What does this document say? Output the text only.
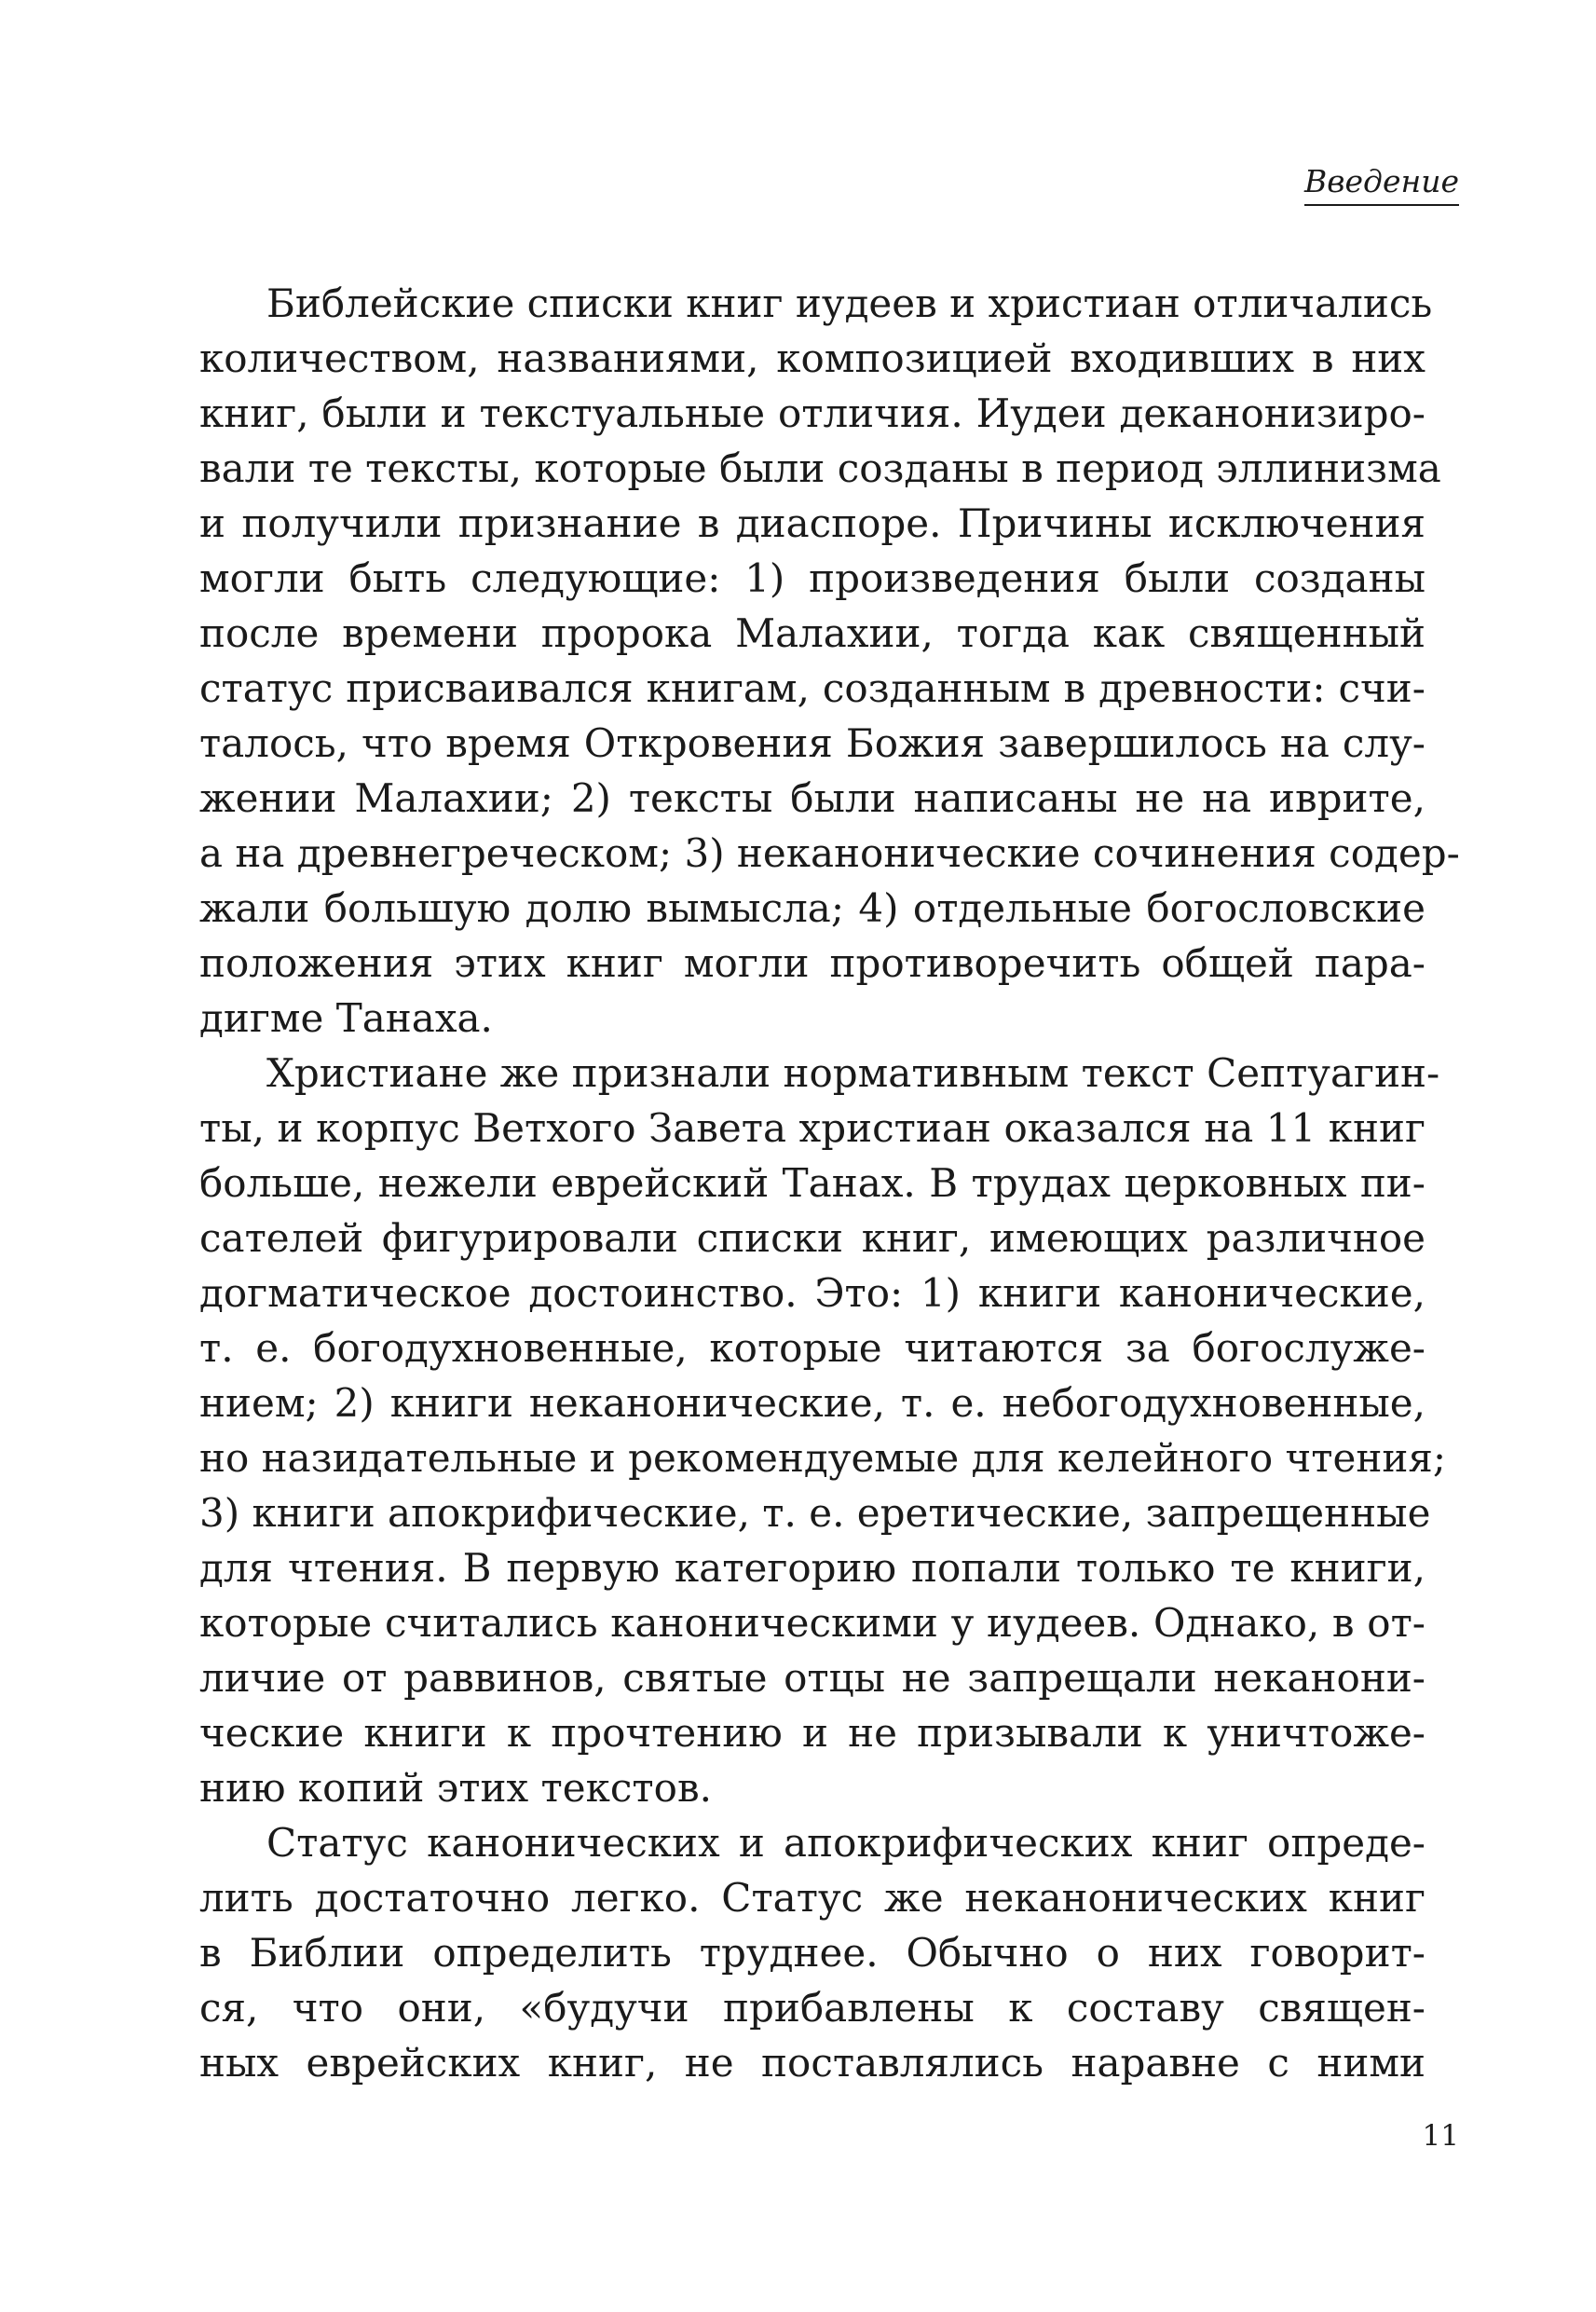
Введение
Библейские списки книг иудеев и христиан отличались
количеством, названиями, композицией входивших в них
книг, были и текстуальные отличия. Иудеи деканонизиро-
вали те тексты, которые были созданы в период эллинизма
и получили признание в диаспоре. Причины исключения
могли быть следующие: 1) произведения были созданы
после времени пророка Малахии, тогда как священный
статус присваивался книгам, созданным в древности: счи-
талось, что время Откровения Божия завершилось на слу-
жении Малахии; 2) тексты были написаны не на иврите,
а на древнегреческом; 3) неканонические сочинения содер-
жали большую долю вымысла; 4) отдельные богословские
положения этих книг могли противоречить общей пара-
дигме Танаха.
Христиане же признали нормативным текст Септуагин-
ты, и корпус Ветхого Завета христиан оказался на 11 книг
больше, нежели еврейский Танах. В трудах церковных пи-
сателей фигурировали списки книг, имеющих различное
догматическое достоинство. Это: 1) книги канонические,
т. е. богодухновенные, которые читаются за богослуже-
нием; 2) книги неканонические, т. е. небогодухновенные,
но назидательные и рекомендуемые для келейного чтения;
3) книги апокрифические, т. е. еретические, запрещенные
для чтения. В первую категорию попали только те книги,
которые считались каноническими у иудеев. Однако, в от-
личие от раввинов, святые отцы не запрещали неканони-
ческие книги к прочтению и не призывали к уничтоже-
нию копий этих текстов.
Статус канонических и апокрифических книг опреде-
лить достаточно легко. Статус же неканонических книг
в Библии определить труднее. Обычно о них говорит-
ся, что они, «будучи прибавлены к составу священ-
ных еврейских книг, не поставлялись наравне с ними
11
